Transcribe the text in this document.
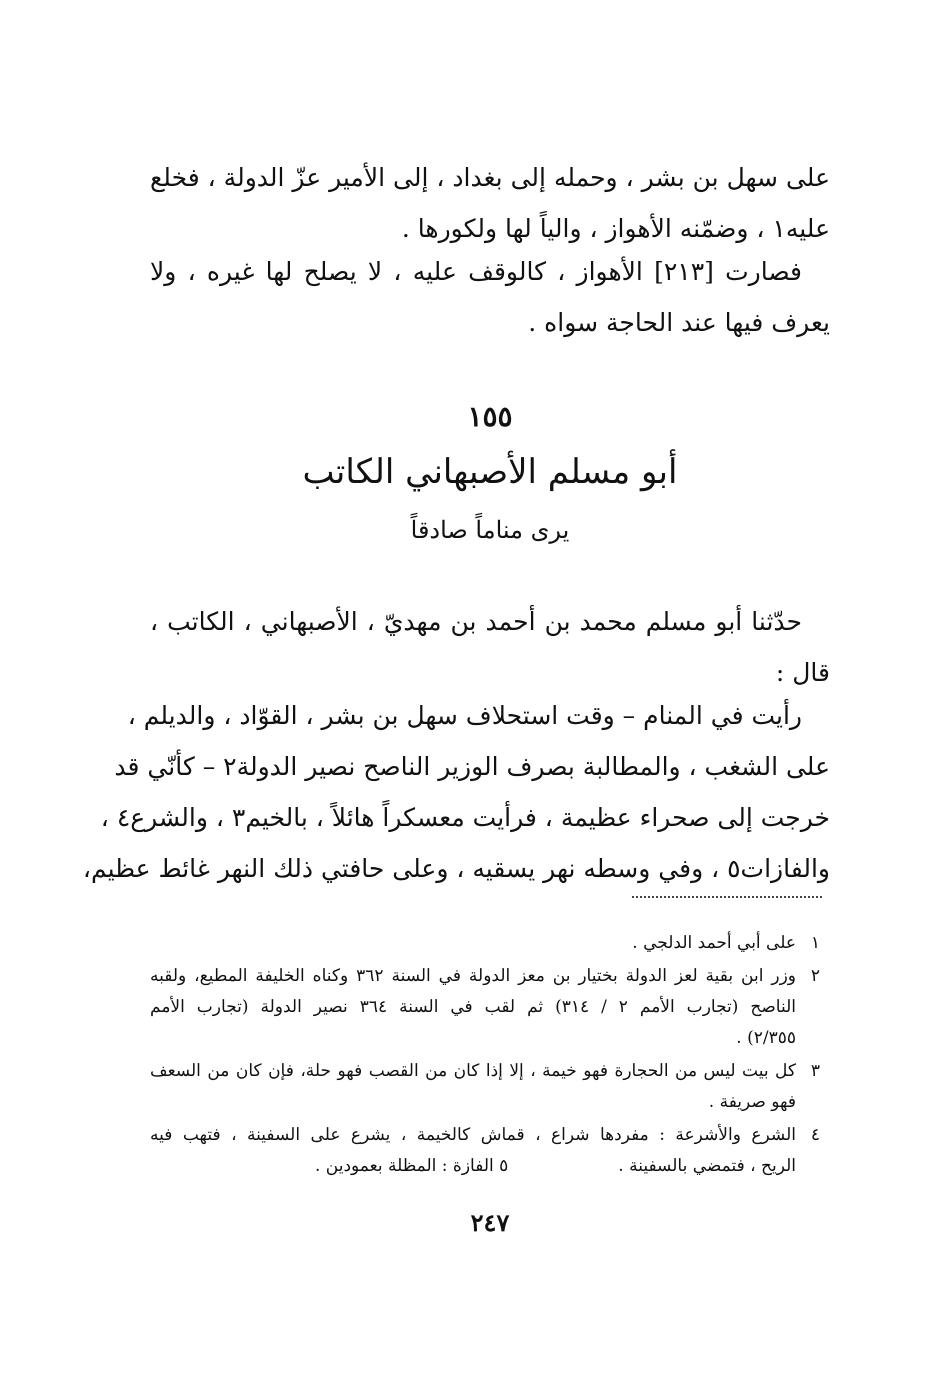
على سهل بن بشر ، وحمله إلى بغداد ، إلى الأمير عزّ الدولة ، فخلع
عليه١ ، وضمّنه الأهواز ، والياً لها ولكورها .
فصارت [٢١٣] الأهواز ، كالوقف عليه ، لا يصلح لها غيره ، ولا
يعرف فيها عند الحاجة سواه .
١٥٥
أبو مسلم الأصبهاني الكاتب
يرى مناماً صادقاً
حدّثنا أبو مسلم محمد بن أحمد بن مهديّ ، الأصبهاني ، الكاتب ،
قال :
رأيت في المنام – وقت استحلاف سهل بن بشر ، القوّاد ، والديلم ،
على الشغب ، والمطالبة بصرف الوزير الناصح نصير الدولة٢ – كأنّي قد
خرجت إلى صحراء عظيمة ، فرأيت معسكراً هائلاً ، بالخيم٣ ، والشرع٤ ،
والفازات٥ ، وفي وسطه نهر يسقيه ، وعلى حافتي ذلك النهر غائط عظيم،
١
على أبي أحمد الدلجي .
٢
وزر ابن بقية لعز الدولة بختيار بن معز الدولة في السنة ٣٦٢ وكناه الخليفة المطيع، ولقبه
الناصح (تجارب الأمم ٢ / ٣١٤) ثم لقب في السنة ٣٦٤ نصير الدولة (تجارب الأمم
٢/٣٥٥) .
٣
كل بيت ليس من الحجارة فهو خيمة ، إلا إذا كان من القصب فهو حلة، فإن كان من السعف
فهو صريفة .
٤
الشرع والأشرعة : مفردها شراع ، قماش كالخيمة ، يشرع على السفينة ، فتهب فيه
الريح ، فتمضي بالسفينة .
٥ الفازة : المظلة بعمودين .
٢٤٧
